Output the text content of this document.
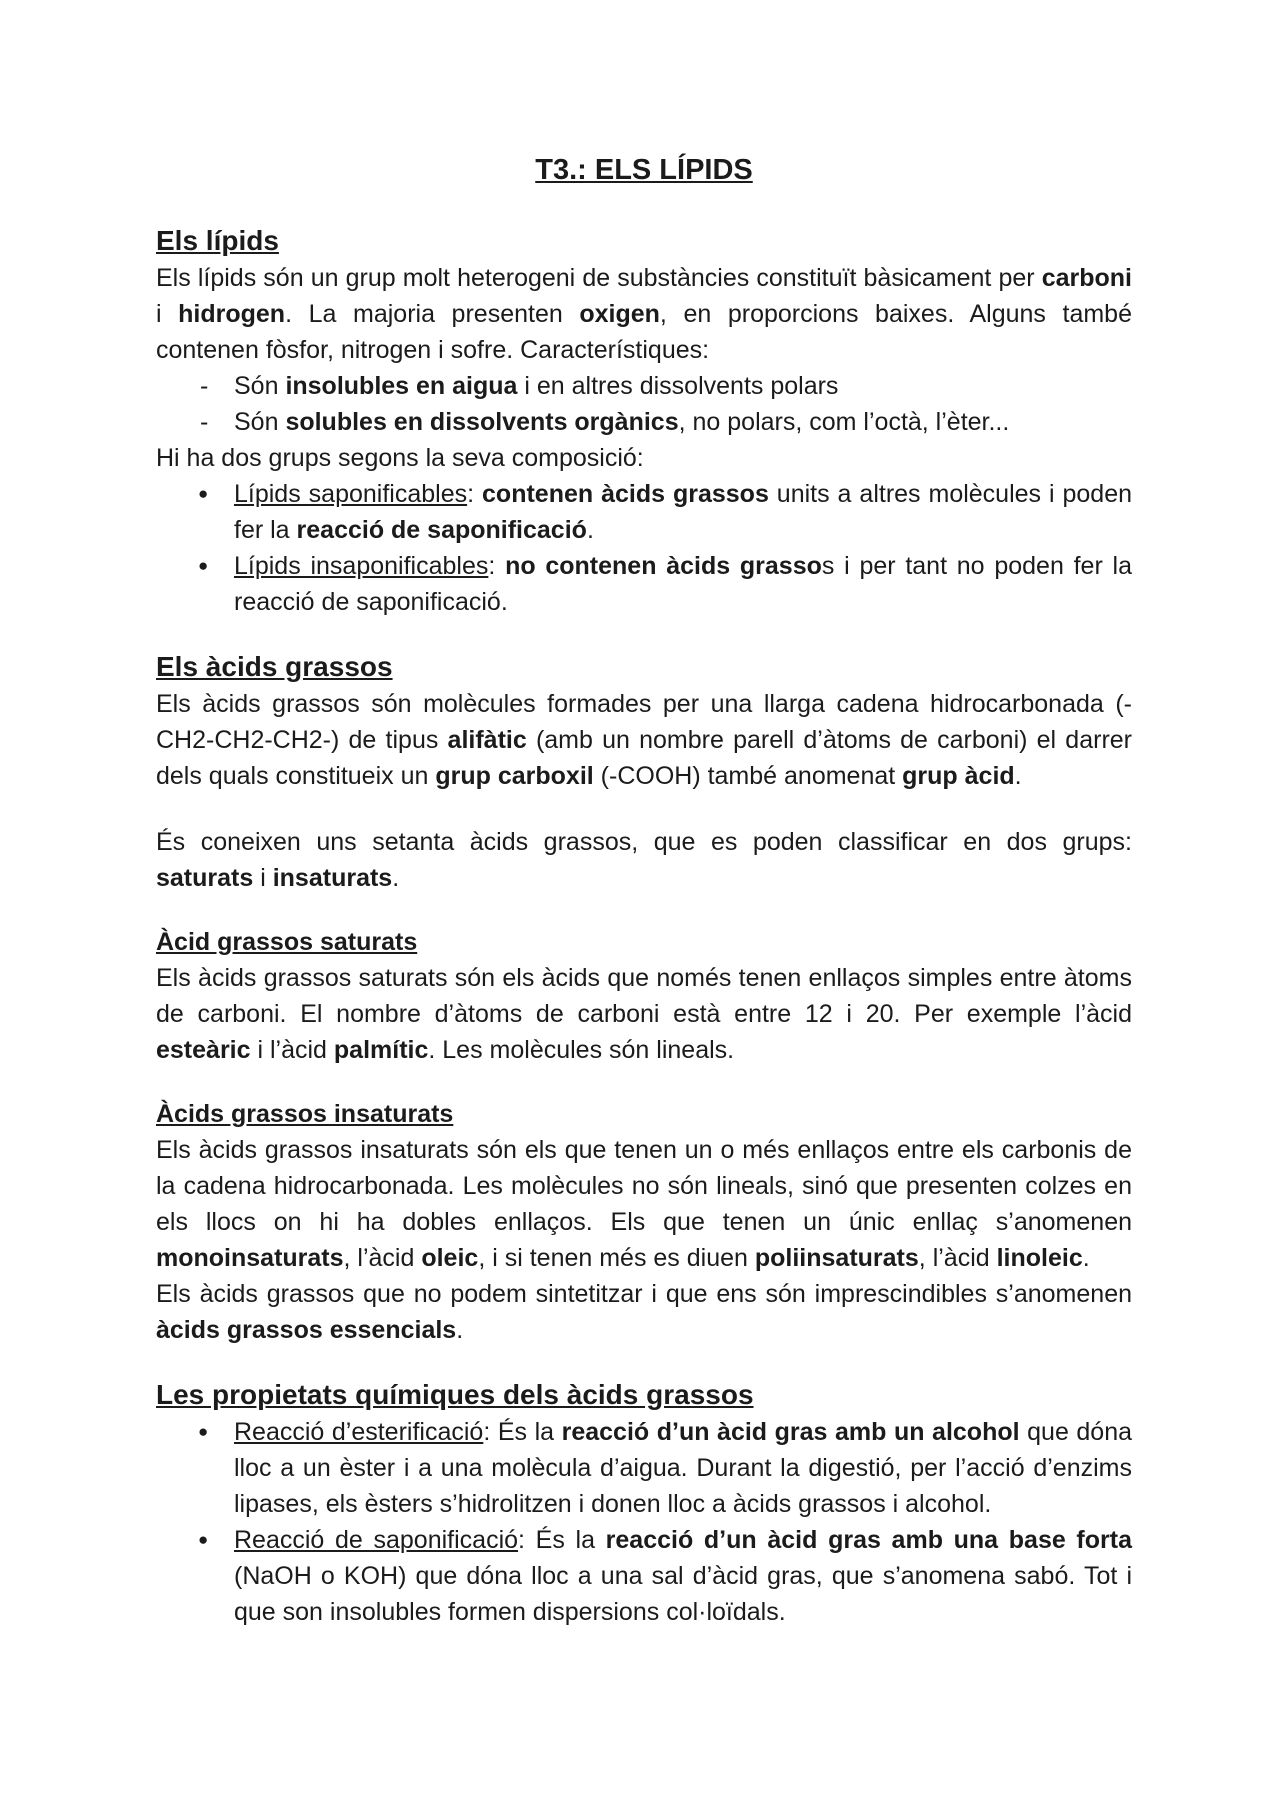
T3.: ELS LÍPIDS
Els lípids

Els lípids són un grup molt heterogeni de substàncies constituït bàsicament per carboni i hidrogen. La majoria presenten oxigen, en proporcions baixes. Alguns també contenen fòsfor, nitrogen i sofre. Característiques:

- Són insolubles en aigua i en altres dissolvents polars
- Són solubles en dissolvents orgànics, no polars, com l’octà, l’èter...

Hi ha dos grups segons la seva composició:

● Lípids saponificables: contenen àcids grassos units a altres molècules i poden fer la reacció de saponificació.
● Lípids insaponificables: no contenen àcids grassos i per tant no poden fer la reacció de saponificació.
Els àcids grassos

Els àcids grassos són molècules formades per una llarga cadena hidrocarbonada (-CH2-CH2-CH2-) de tipus alifàtic (amb un nombre parell d’àtoms de carboni) el darrer dels quals constitueix un grup carboxil (-COOH) també anomenat grup àcid.

És coneixen uns setanta àcids grassos, que es poden classificar en dos grups: saturats i insaturats.

Àcid grassos saturats

Els àcids grassos saturats són els àcids que només tenen enllaços simples entre àtoms de carboni. El nombre d’àtoms de carboni està entre 12 i 20. Per exemple l’àcid esteàric i l’àcid palmític. Les molècules són lineals.

Àcids grassos insaturats

Els àcids grassos insaturats són els que tenen un o més enllaços entre els carbonis de la cadena hidrocarbonada. Les molècules no són lineals, sinó que presenten colzes en els llocs on hi ha dobles enllaços. Els que tenen un únic enllaç s’anomenen monoinsaturats, l’àcid oleic, i si tenen més es diuen poliinsaturats, l’àcid linoleic.

Els àcids grassos que no podem sintetitzar i que ens són imprescindibles s’anomenen àcids grassos essencials.

Les propietats químiques dels àcids grassos
● Reacció d’esterificació: És la reacció d’un àcid gras amb un alcohol que dóna lloc a un èster i a una molècula d’aigua. Durant la digestió, per l’acció d’enzims lipases, els èsters s’hidrolitzen i donen lloc a àcids grassos i alcohol.
● Reacció de saponificació: És la reacció d’un àcid gras amb una base forta (NaOH o KOH) que dóna lloc a una sal d’àcid gras, que s’anomena sabó. Tot i que son insolubles formen dispersions col·loïdals.
